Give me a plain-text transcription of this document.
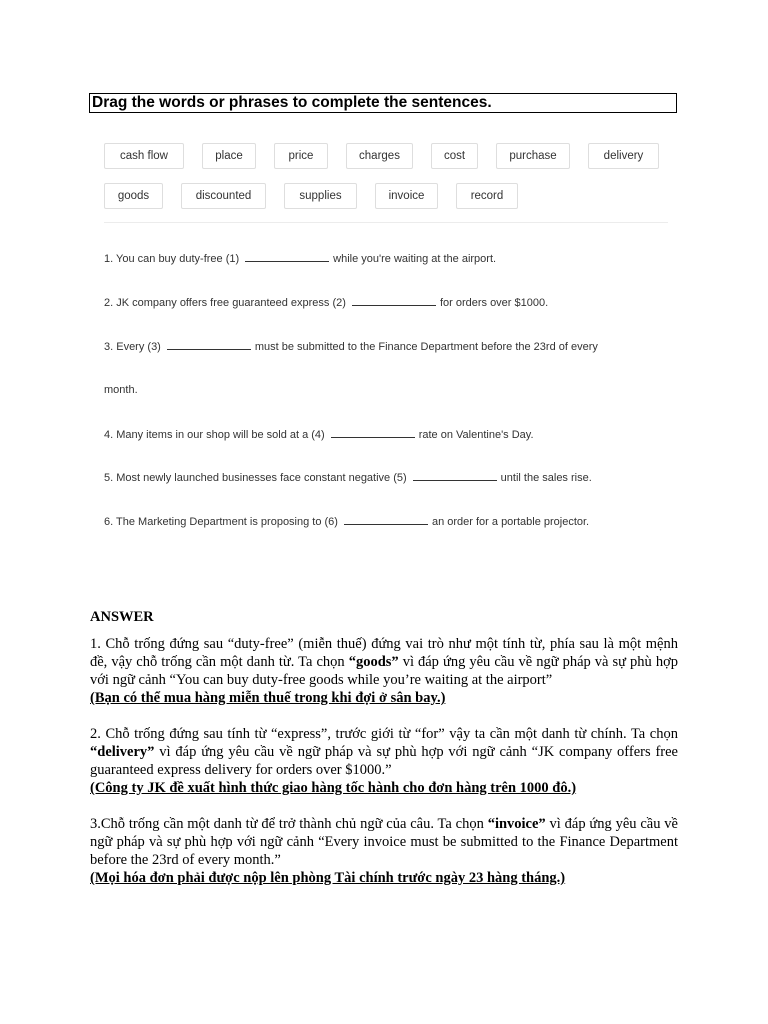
Drag the words or phrases to complete the sentences.
cash flow	place	price	charges	cost	purchase	delivery
goods	discounted	supplies	invoice	record
1. You can buy duty-free (1)	while you're waiting at the airport.
2. JK company offers free guaranteed express (2)	for orders over $1000.
3. Every (3)	must be submitted to the Finance Department before the 23rd of every
month.
4. Many items in our shop will be sold at a (4)	rate on Valentine's Day.
5. Most newly launched businesses face constant negative (5)	until the sales rise.
6. The Marketing Department is proposing to (6)	an order for a portable projector.

ANSWER

1. Chỗ trống đứng sau “duty-free” (miễn thuế) đứng vai trò như một tính từ, phía sau là một mệnh đề, vậy chỗ trống cần một danh từ. Ta chọn “goods” vì đáp ứng yêu cầu về ngữ pháp và sự phù hợp với ngữ cảnh “You can buy duty-free goods while you’re waiting at the airport”

(Bạn có thể mua hàng miễn thuế trong khi đợi ở sân bay.)

2. Chỗ trống đứng sau tính từ “express”, trước giới từ “for” vậy ta cần một danh từ chính. Ta chọn “delivery” vì đáp ứng yêu cầu về ngữ pháp và sự phù hợp với ngữ cảnh “JK company offers free guaranteed express delivery for orders over $1000.”

(Công ty JK đề xuất hình thức giao hàng tốc hành cho đơn hàng trên 1000 đô.)

3.Chỗ trống cần một danh từ để trở thành chủ ngữ của câu. Ta chọn “invoice” vì đáp ứng yêu cầu về ngữ pháp và sự phù hợp với ngữ cảnh “Every invoice must be submitted to the Finance Department before the 23rd of every month.”

(Mọi hóa đơn phải được nộp lên phòng Tài chính trước ngày 23 hàng tháng.)
